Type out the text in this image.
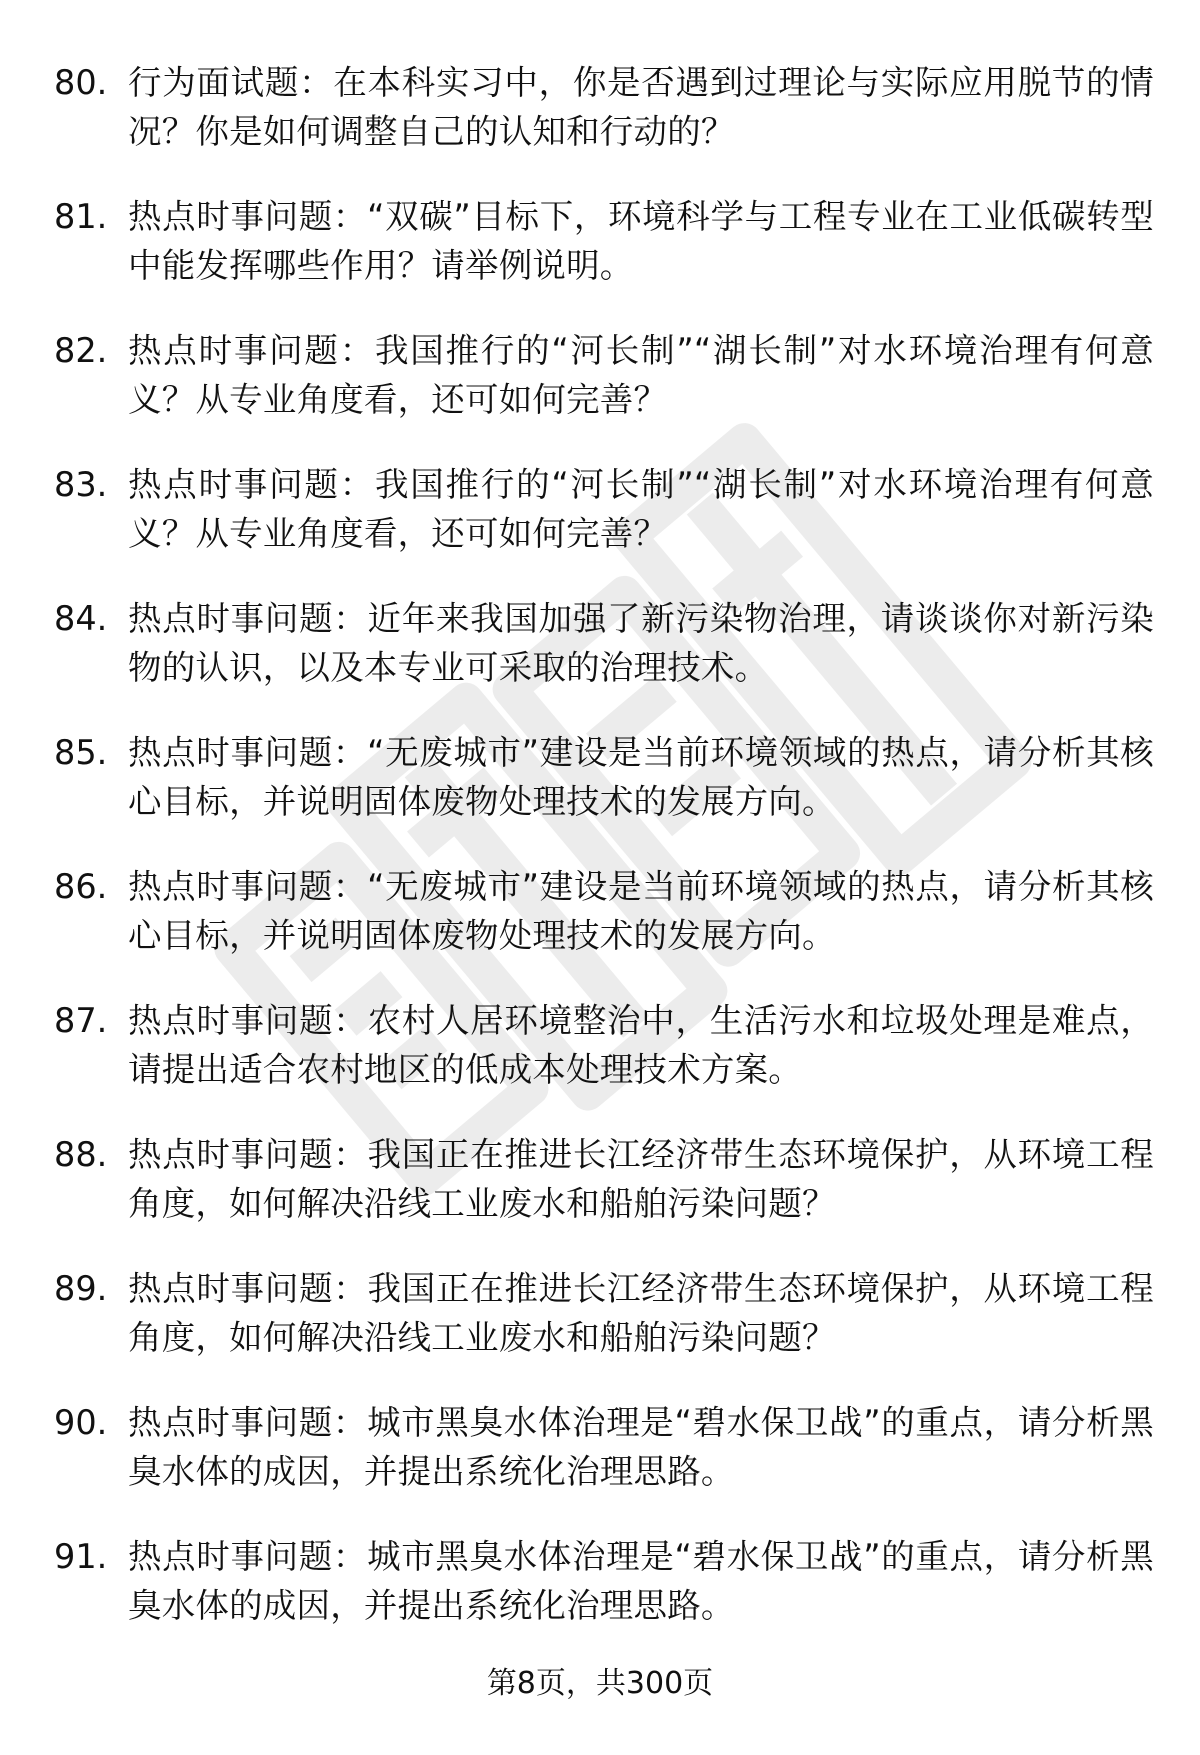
80. 行为面试题：在本科实习中，你是否遇到过理论与实际应用脱节的情况？你是如何调整自己的认知和行动的？
81. 热点时事问题：“双碳”目标下，环境科学与工程专业在工业低碳转型中能发挥哪些作用？请举例说明。
82. 热点时事问题：我国推行的“河长制”“湖长制”对水环境治理有何意义？从专业角度看，还可如何完善？
83. 热点时事问题：我国推行的“河长制”“湖长制”对水环境治理有何意义？从专业角度看，还可如何完善？
84. 热点时事问题：近年来我国加强了新污染物治理，请谈谈你对新污染物的认识，以及本专业可采取的治理技术。
85. 热点时事问题：“无废城市”建设是当前环境领域的热点，请分析其核心目标，并说明固体废物处理技术的发展方向。
86. 热点时事问题：“无废城市”建设是当前环境领域的热点，请分析其核心目标，并说明固体废物处理技术的发展方向。
87. 热点时事问题：农村人居环境整治中，生活污水和垃圾处理是难点，请提出适合农村地区的低成本处理技术方案。
88. 热点时事问题：我国正在推进长江经济带生态环境保护，从环境工程角度，如何解决沿线工业废水和船舶污染问题？
89. 热点时事问题：我国正在推进长江经济带生态环境保护，从环境工程角度，如何解决沿线工业废水和船舶污染问题？
90. 热点时事问题：城市黑臭水体治理是“碧水保卫战”的重点，请分析黑臭水体的成因，并提出系统化治理思路。
91. 热点时事问题：城市黑臭水体治理是“碧水保卫战”的重点，请分析黑臭水体的成因，并提出系统化治理思路。
第8页，共300页
